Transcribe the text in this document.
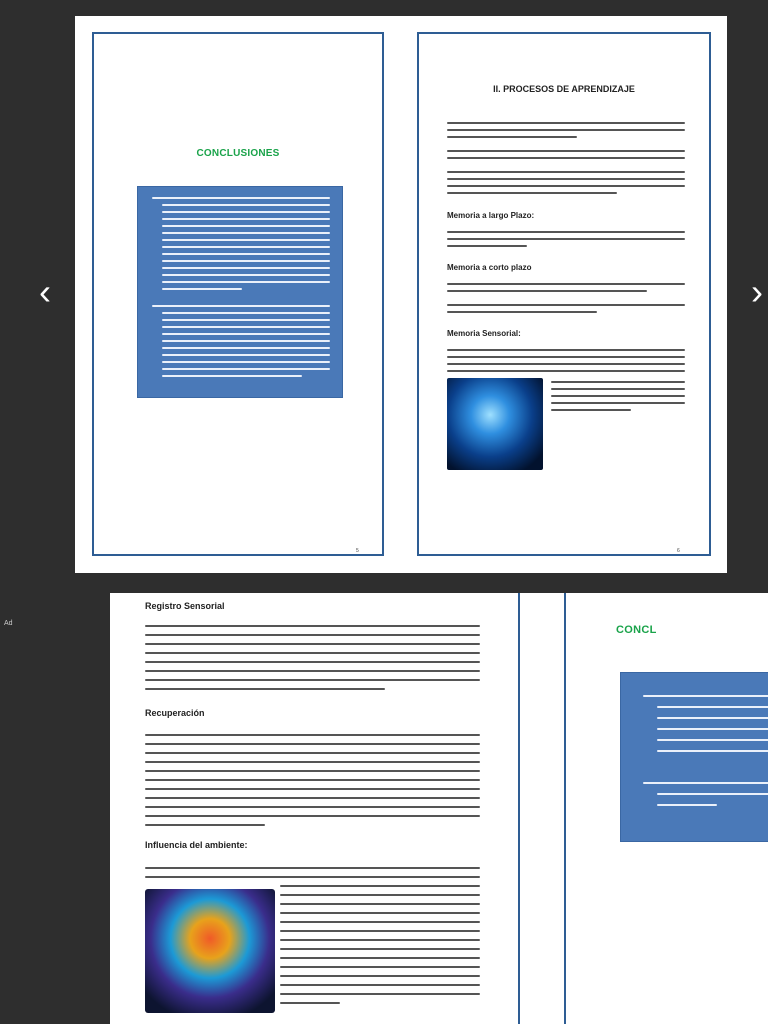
CONCLUSIONES
5
II. PROCESOS DE APRENDIZAJE
Memoria a largo Plazo:
Memoria a corto plazo
Memoria Sensorial:
6
‹	›
Ad
Registro Sensorial
Recuperación
Influencia del ambiente:
CONCL
